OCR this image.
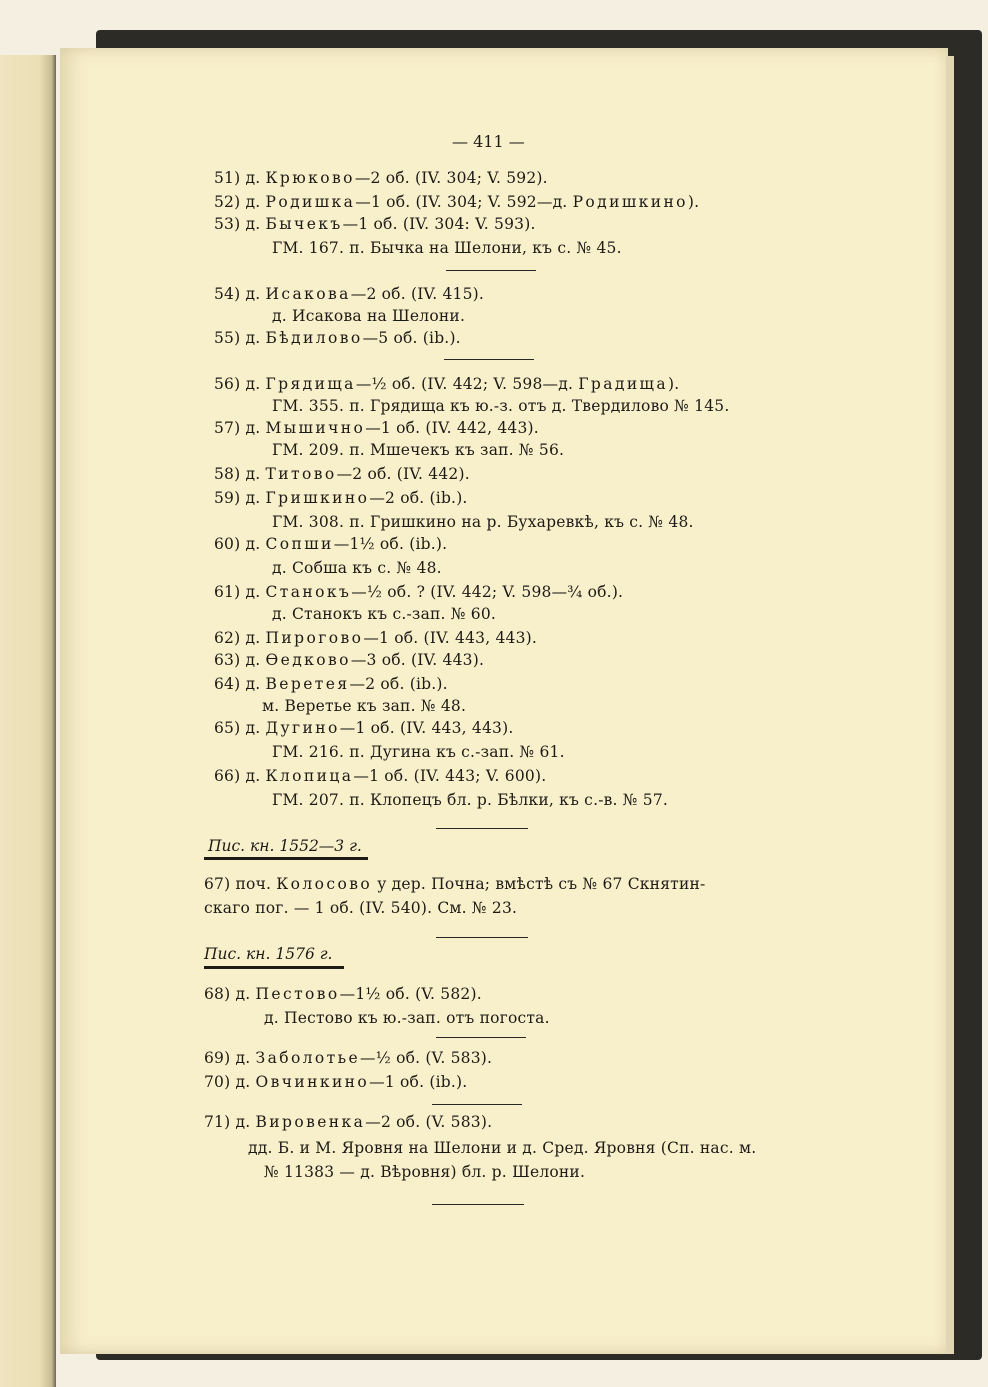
— 411 —
51) д. Крюково—2 об. (IV. 304; V. 592).
52) д. Родишка—1 об. (IV. 304; V. 592—д. Родишкино).
53) д. Бычекъ—1 об. (IV. 304: V. 593).
ГМ. 167. п. Бычка на Шелони, къ с. № 45.
54) д. Исакова—2 об. (IV. 415).
д. Исакова на Шелони.
55) д. Бѣдилово—5 об. (ib.).
56) д. Грядища—½ об. (IV. 442; V. 598—д. Градища).
ГМ. 355. п. Грядища къ ю.-з. отъ д. Твердилово № 145.
57) д. Мышично—1 об. (IV. 442, 443).
ГМ. 209. п. Мшечекъ къ зап. № 56.
58) д. Титово—2 об. (IV. 442).
59) д. Гришкино—2 об. (ib.).
ГМ. 308. п. Гришкино на р. Бухаревкѣ, къ с. № 48.
60) д. Сопши—1½ об. (ib.).
д. Собша къ с. № 48.
61) д. Станокъ—½ об. ? (IV. 442; V. 598—¾ об.).
д. Станокъ къ с.-зап. № 60.
62) д. Пирогово—1 об. (IV. 443, 443).
63) д. Ѳедково—3 об. (IV. 443).
64) д. Веретея—2 об. (ib.).
м. Веретье къ зап. № 48.
65) д. Дугино—1 об. (IV. 443, 443).
ГМ. 216. п. Дугина къ с.-зап. № 61.
66) д. Клопица—1 об. (IV. 443; V. 600).
ГМ. 207. п. Клопецъ бл. р. Бѣлки, къ с.-в. № 57.
Пис. кн. 1552—3 г.
67) поч. Колосово у дер. Почна; вмѣстѣ съ № 67 Скнятин-
скаго пог. — 1 об. (IV. 540). См. № 23.
Пис. кн. 1576 г.
68) д. Пестово—1½ об. (V. 582).
д. Пестово къ ю.-зап. отъ погоста.
69) д. Заболотье—½ об. (V. 583).
70) д. Овчинкино—1 об. (ib.).
71) д. Вировенка—2 об. (V. 583).
дд. Б. и М. Яровня на Шелони и д. Сред. Яровня (Сп. нас. м.
№ 11383 — д. Вѣровня) бл. р. Шелони.
